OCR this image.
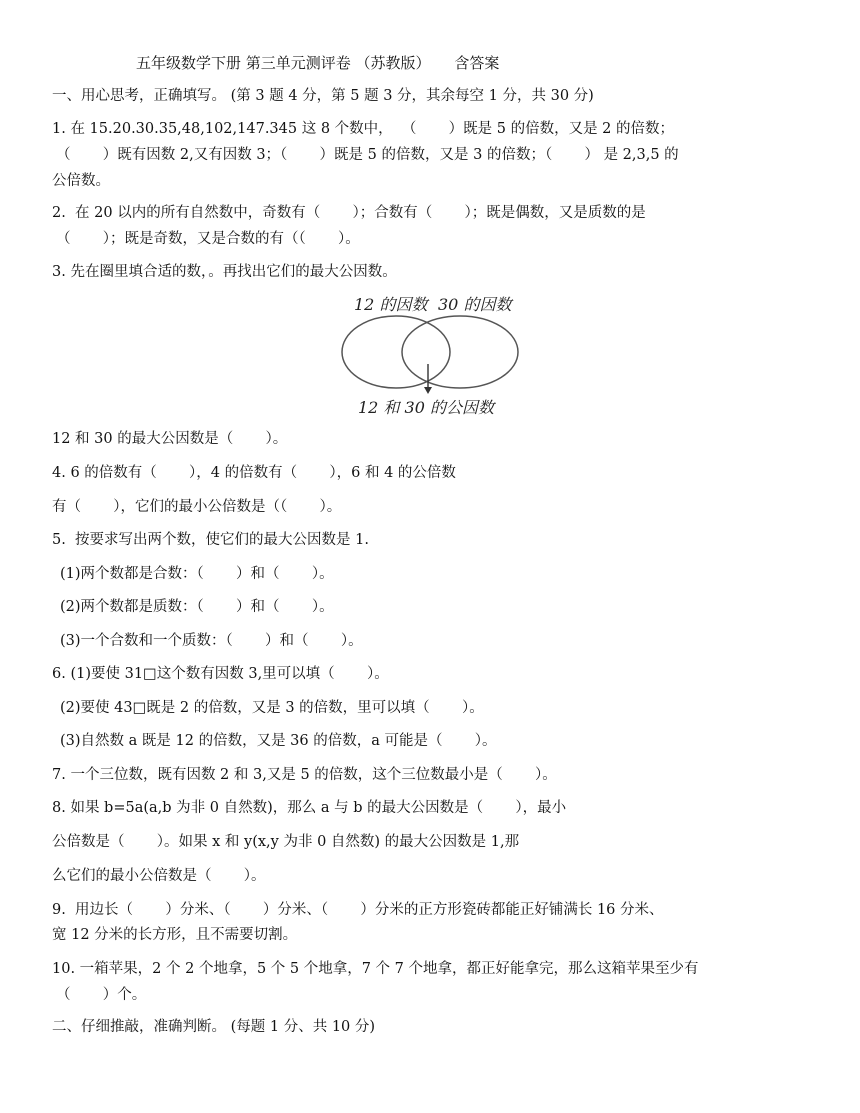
五年级数学下册 第三单元测评卷 （苏教版）     含答案
一、用心思考，正确填写。 (第 3 题 4 分，第 5 题 3 分，其余每空 1 分，共 30 分)
1. 在 15.20.30.35,48,102,147.345 这 8 个数中，  （       ）既是 5 的倍数，又是 2 的倍数；
（       ）既有因数 2,又有因数 3；（       ）既是 5 的倍数，又是 3 的倍数；（       ） 是 2,3,5 的
公倍数。
2.  在 20 以内的所有自然数中，奇数有（       ）；合数有（       ）；既是偶数，又是质数的是
（       ）；既是奇数，又是合数的有（（       ）。
3. 先在圈里填合适的数，。再找出它们的最大公因数。
12 的因数 30 的因数
12 和 30 的公因数
12 和 30 的最大公因数是（       ）。
4. 6 的倍数有（       ），4 的倍数有（       ），6 和 4 的公倍数
有（       ），它们的最小公倍数是（（       ）。
5.  按要求写出两个数，使它们的最大公因数是 1.
(1)两个数都是合数：（       ）和（       ）。
(2)两个数都是质数：（       ）和（       ）。
(3)一个合数和一个质数：（       ）和（       ）。
6. (1)要使 31□这个数有因数 3,里可以填（       ）。
(2)要使 43□既是 2 的倍数，又是 3 的倍数，里可以填（       ）。
(3)自然数 a 既是 12 的倍数，又是 36 的倍数，a 可能是（       ）。
7. 一个三位数，既有因数 2 和 3,又是 5 的倍数，这个三位数最小是（       ）。
8. 如果 b=5a(a,b 为非 0 自然数)，那么 a 与 b 的最大公因数是（       ），最小
公倍数是（       ）。如果 x 和 y(x,y 为非 0 自然数) 的最大公因数是 1,那
么它们的最小公倍数是（       ）。
9.  用边长（       ）分米、（       ）分米、（       ）分米的正方形瓷砖都能正好铺满长 16 分米、
宽 12 分米的长方形，且不需要切割。
10. 一箱苹果，2 个 2 个地拿，5 个 5 个地拿，7 个 7 个地拿，都正好能拿完，那么这箱苹果至少有
（       ）个。
二、仔细推敲，准确判断。 (每题 1 分、共 10 分)
